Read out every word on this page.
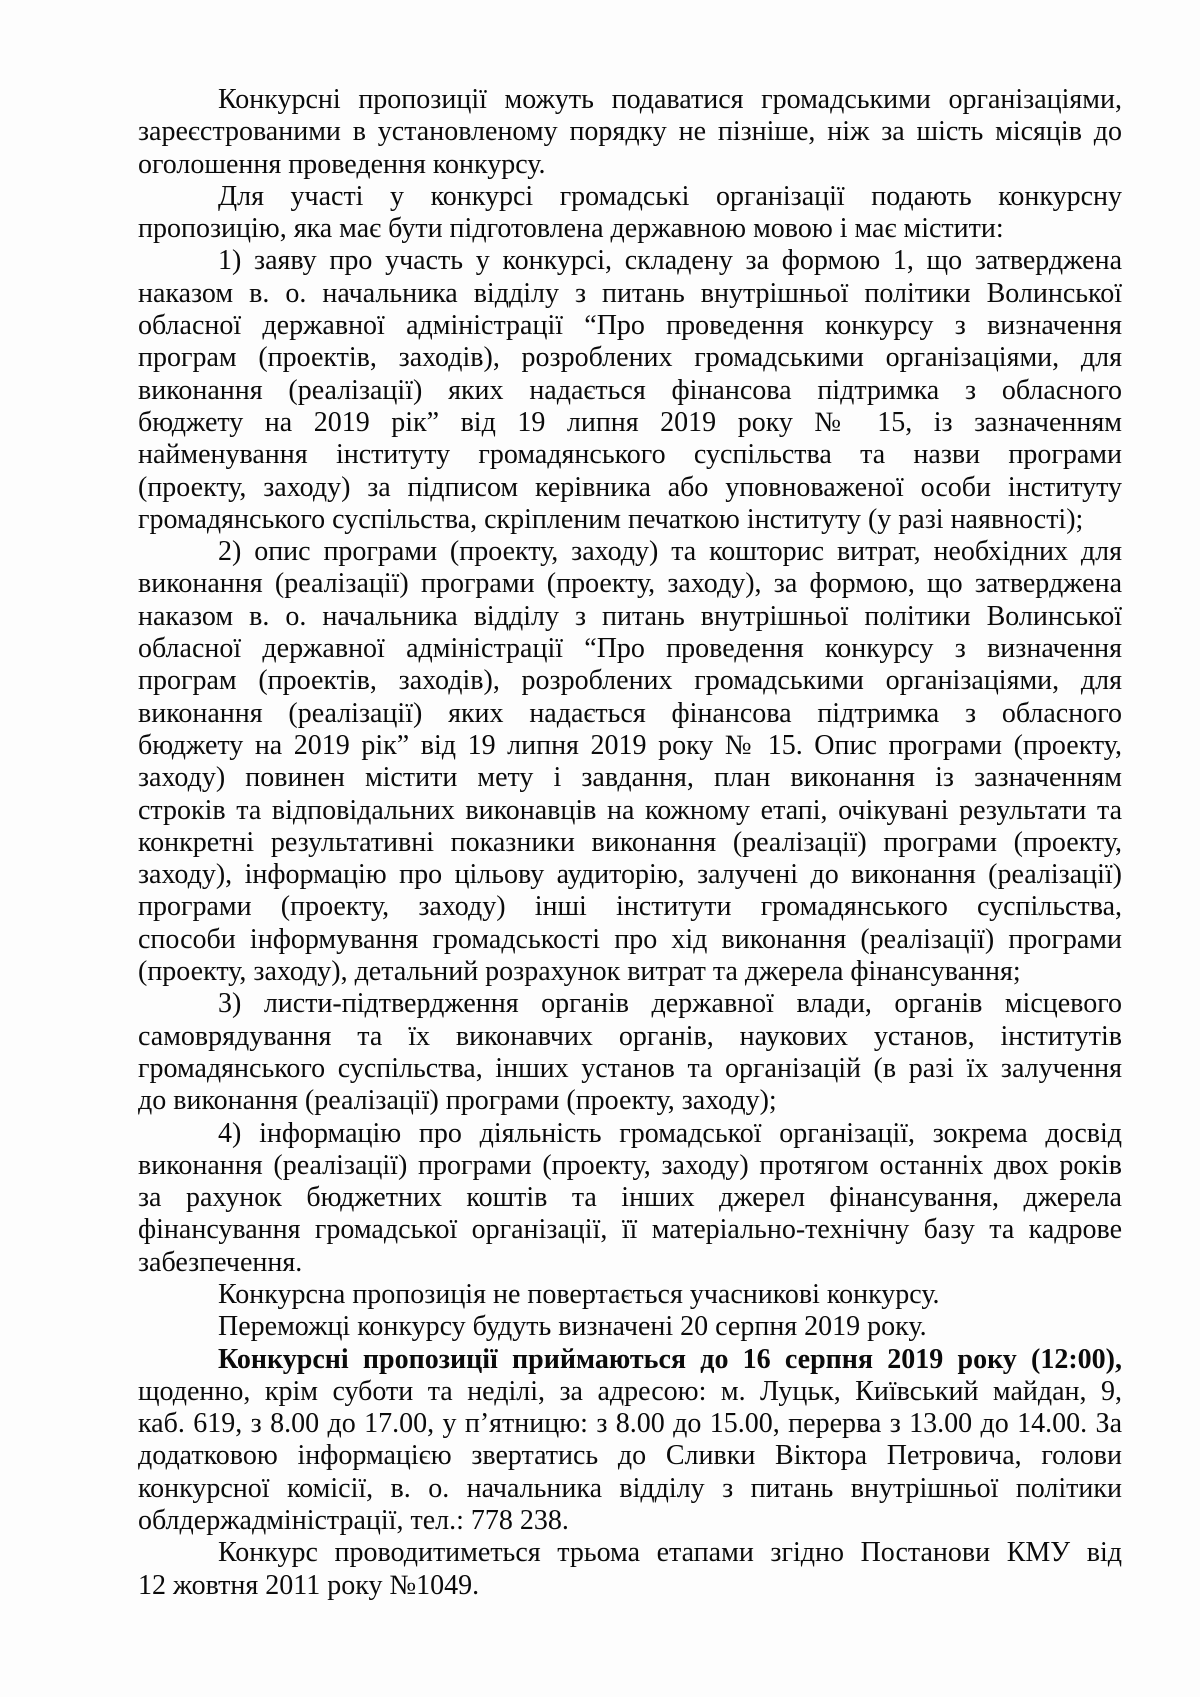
Конкурсні пропозиції можуть подаватися громадськими організаціями,
зареєстрованими в установленому порядку не пізніше, ніж за шість місяців до
оголошення проведення конкурсу.
Для участі у конкурсі громадські організації подають конкурсну
пропозицію, яка має бути підготовлена державною мовою і має містити:
1) заяву про участь у конкурсі, складену за формою 1, що затверджена
наказом в. о. начальника відділу з питань внутрішньої політики Волинської
обласної державної адміністрації “Про проведення конкурсу з визначення
програм (проектів, заходів), розроблених громадськими організаціями, для
виконання (реалізації) яких надається фінансова підтримка з обласного
бюджету на 2019 рік” від 19 липня 2019 року № 15, із зазначенням
найменування інституту громадянського суспільства та назви програми
(проекту, заходу) за підписом керівника або уповноваженої особи інституту
громадянського суспільства, скріпленим печаткою інституту (у разі наявності);
2) опис програми (проекту, заходу) та кошторис витрат, необхідних для
виконання (реалізації) програми (проекту, заходу), за формою, що затверджена
наказом в. о. начальника відділу з питань внутрішньої політики Волинської
обласної державної адміністрації “Про проведення конкурсу з визначення
програм (проектів, заходів), розроблених громадськими організаціями, для
виконання (реалізації) яких надається фінансова підтримка з обласного
бюджету на 2019 рік” від 19 липня 2019 року № 15. Опис програми (проекту,
заходу) повинен містити мету і завдання, план виконання із зазначенням
строків та відповідальних виконавців на кожному етапі, очікувані результати та
конкретні результативні показники виконання (реалізації) програми (проекту,
заходу), інформацію про цільову аудиторію, залучені до виконання (реалізації)
програми (проекту, заходу) інші інститути громадянського суспільства,
способи інформування громадськості про хід виконання (реалізації) програми
(проекту, заходу), детальний розрахунок витрат та джерела фінансування;
3) листи-підтвердження органів державної влади, органів місцевого
самоврядування та їх виконавчих органів, наукових установ, інститутів
громадянського суспільства, інших установ та організацій (в разі їх залучення
до виконання (реалізації) програми (проекту, заходу);
4) інформацію про діяльність громадської організації, зокрема досвід
виконання (реалізації) програми (проекту, заходу) протягом останніх двох років
за рахунок бюджетних коштів та інших джерел фінансування, джерела
фінансування громадської організації, її матеріально-технічну базу та кадрове
забезпечення.
Конкурсна пропозиція не повертається учасникові конкурсу.
Переможці конкурсу будуть визначені 20 серпня 2019 року.
Конкурсні пропозиції приймаються до 16 серпня 2019 року (12:00),
щоденно, крім суботи та неділі, за адресою: м. Луцьк, Київський майдан, 9,
каб. 619, з 8.00 до 17.00, у п’ятницю: з 8.00 до 15.00, перерва з 13.00 до 14.00. За
додатковою інформацією звертатись до Сливки Віктора Петровича, голови
конкурсної комісії, в. о. начальника відділу з питань внутрішньої політики
облдержадміністрації, тел.: 778 238.
Конкурс проводитиметься трьома етапами згідно Постанови КМУ від
12 жовтня 2011 року №1049.
